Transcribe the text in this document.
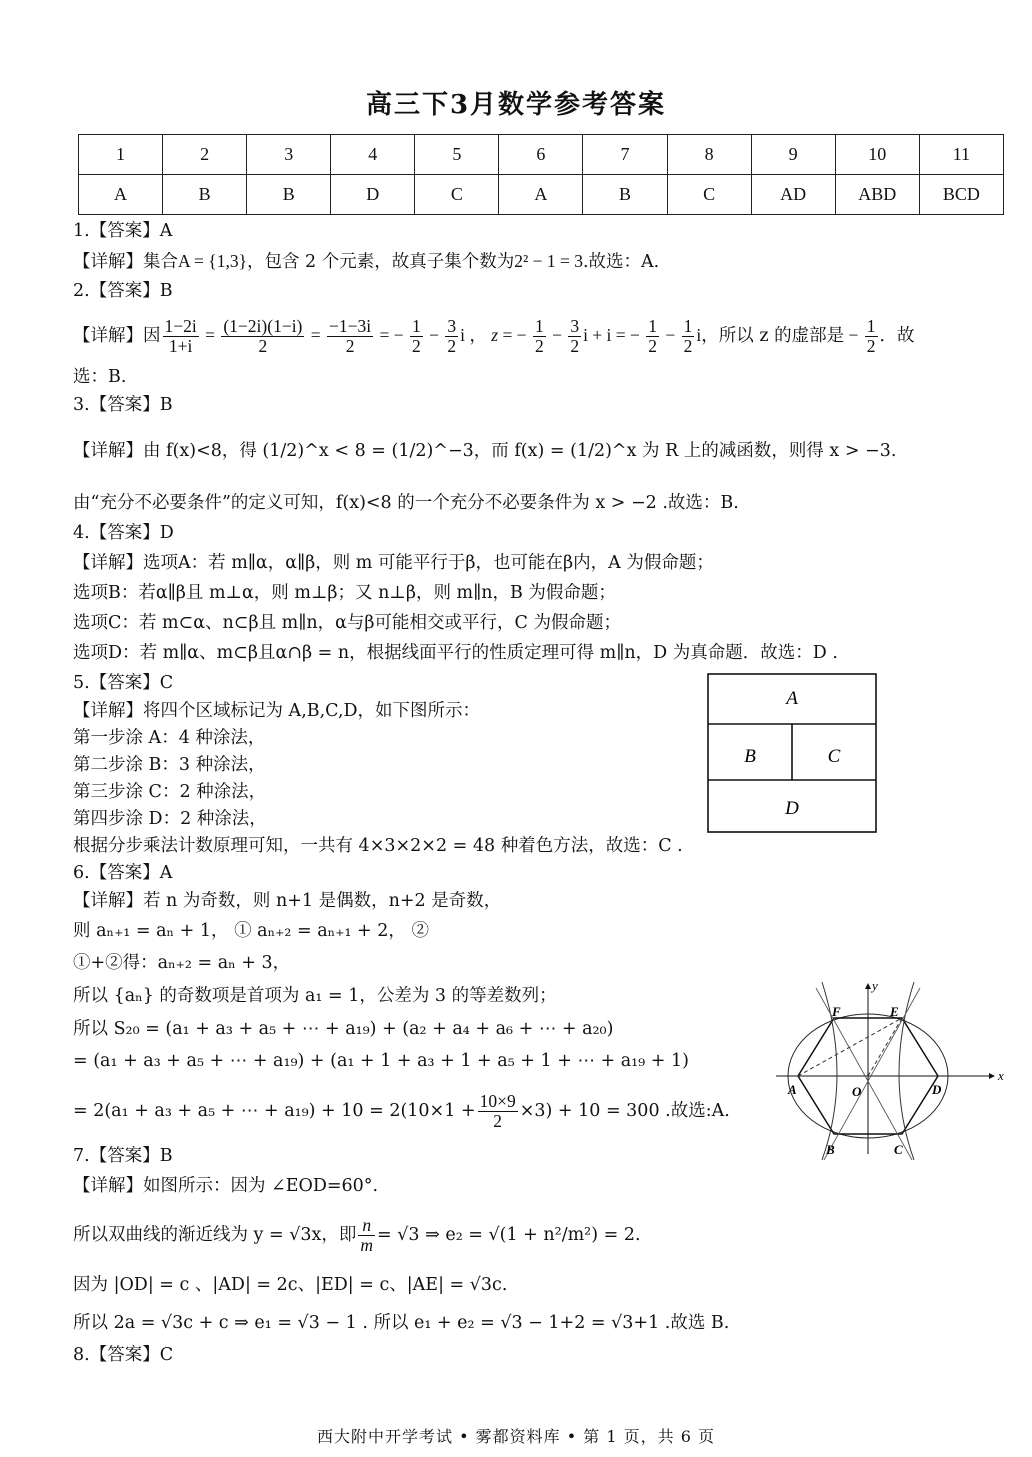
高三下3月数学参考答案
1	2	3	4	5	6	7	8	9	10	11
A	B	B	D	C	A	B	C	AD	ABD	BCD
1.【答案】A
【详解】集合A = {1,3}，包含 2 个元素，故真子集个数为2² − 1 = 3.故选：A.
2.【答案】B
【详解】因 $\frac{1-2i}{1+i} = \frac{(1-2i)(1-i)}{2} = \frac{-1-3i}{2}$ = − $\frac{1}{2} - \frac{3}{2}$ i ， z = − $\frac{1}{2} - \frac{3}{2}$ i + i = − $\frac{1}{2} - \frac{1}{2}$ i，所以 z 的虚部是 − $\frac{1}{2}$ ．故
选：B.
3.【答案】B
【详解】由 f(x)<8，得 (1/2)^x < 8 = (1/2)^−3，而 f(x) = (1/2)^x 为 R 上的减函数，则得 x > −3.
由“充分不必要条件”的定义可知，f(x)<8 的一个充分不必要条件为 x > −2 .故选：B.
4.【答案】D
【详解】选项A：若 m∥α，α∥β，则 m 可能平行于β，也可能在β内，A 为假命题；
选项B：若α∥β且 m⊥α，则 m⊥β；又 n⊥β，则 m∥n，B 为假命题；
选项C：若 m⊂α、n⊂β且 m∥n，α与β可能相交或平行，C 为假命题；
选项D：若 m∥α、m⊂β且α∩β = n，根据线面平行的性质定理可得 m∥n，D 为真命题．故选：D .
5.【答案】C
【详解】将四个区域标记为 A,B,C,D，如下图所示：
第一步涂 A：4 种涂法，
第二步涂 B：3 种涂法，
第三步涂 C：2 种涂法，
第四步涂 D：2 种涂法，
根据分步乘法计数原理可知，一共有 4×3×2×2 = 48 种着色方法，故选：C .
A
B	C
D
6.【答案】A
【详解】若 n 为奇数，则 n+1 是偶数，n+2 是奇数，
则 aₙ₊₁ = aₙ + 1， ① aₙ₊₂ = aₙ₊₁ + 2， ②
①+②得：aₙ₊₂ = aₙ + 3，
所以 {aₙ} 的奇数项是首项为 a₁ = 1，公差为 3 的等差数列；
所以 S₂₀ = (a₁ + a₃ + a₅ + ⋯ + a₁₉) + (a₂ + a₄ + a₆ + ⋯ + a₂₀)
= (a₁ + a₃ + a₅ + ⋯ + a₁₉) + (a₁ + 1 + a₃ + 1 + a₅ + 1 + ⋯ + a₁₉ + 1)
= 2(a₁ + a₃ + a₅ + ⋯ + $a_{19}) + 10 = 2(10\times 1 + \frac{10\times 9}{2} \times 3) + 10 = 300$ .故选:A.
x
y
A
B	C
D
E
F
O
7.【答案】B
【详解】如图所示：因为 ∠EOD=60°.
所以双曲线的渐近线为 y = √3x，即 $\frac{n}{m} = √3$ ⇒ e₂ = √(1 + n²/m²) = 2.
因为 |OD| = c 、|AD| = 2c、|ED| = c、|AE| = √3c.
所以 2a = √3c + c ⇒ e₁ = √3 − 1 . 所以 e₁ + e₂ = √3 − 1+2 = √3+1 .故选 B.
8.【答案】C
西大附中开学考试 • 雾都资料库 • 第 1 页，共 6 页
